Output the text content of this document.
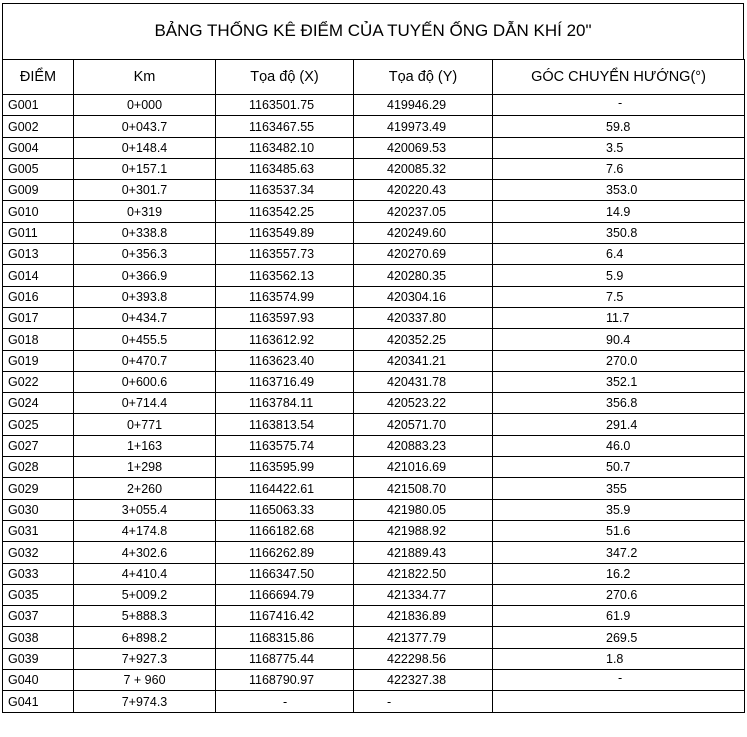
BẢNG THỐNG KÊ ĐIỂM CỦA TUYẾN ỐNG DẪN KHÍ 20"
ĐIỂM	Km	Tọa độ (X)	Tọa độ (Y)	GÓC CHUYỂN HƯỚNG(°)
G001	0+000	1163501.75	419946.29	-
G002	0+043.7	1163467.55	419973.49	59.8
G004	0+148.4	1163482.10	420069.53	3.5
G005	0+157.1	1163485.63	420085.32	7.6
G009	0+301.7	1163537.34	420220.43	353.0
G010	0+319	1163542.25	420237.05	14.9
G011	0+338.8	1163549.89	420249.60	350.8
G013	0+356.3	1163557.73	420270.69	6.4
G014	0+366.9	1163562.13	420280.35	5.9
G016	0+393.8	1163574.99	420304.16	7.5
G017	0+434.7	1163597.93	420337.80	11.7
G018	0+455.5	1163612.92	420352.25	90.4
G019	0+470.7	1163623.40	420341.21	270.0
G022	0+600.6	1163716.49	420431.78	352.1
G024	0+714.4	1163784.11	420523.22	356.8
G025	0+771	1163813.54	420571.70	291.4
G027	1+163	1163575.74	420883.23	46.0
G028	1+298	1163595.99	421016.69	50.7
G029	2+260	1164422.61	421508.70	355
G030	3+055.4	1165063.33	421980.05	35.9
G031	4+174.8	1166182.68	421988.92	51.6
G032	4+302.6	1166262.89	421889.43	347.2
G033	4+410.4	1166347.50	421822.50	16.2
G035	5+009.2	1166694.79	421334.77	270.6
G037	5+888.3	1167416.42	421836.89	61.9
G038	6+898.2	1168315.86	421377.79	269.5
G039	7+927.3	1168775.44	422298.56	1.8
G040	7 + 960	1168790.97	422327.38	-
G041	7+974.3	-	-	
